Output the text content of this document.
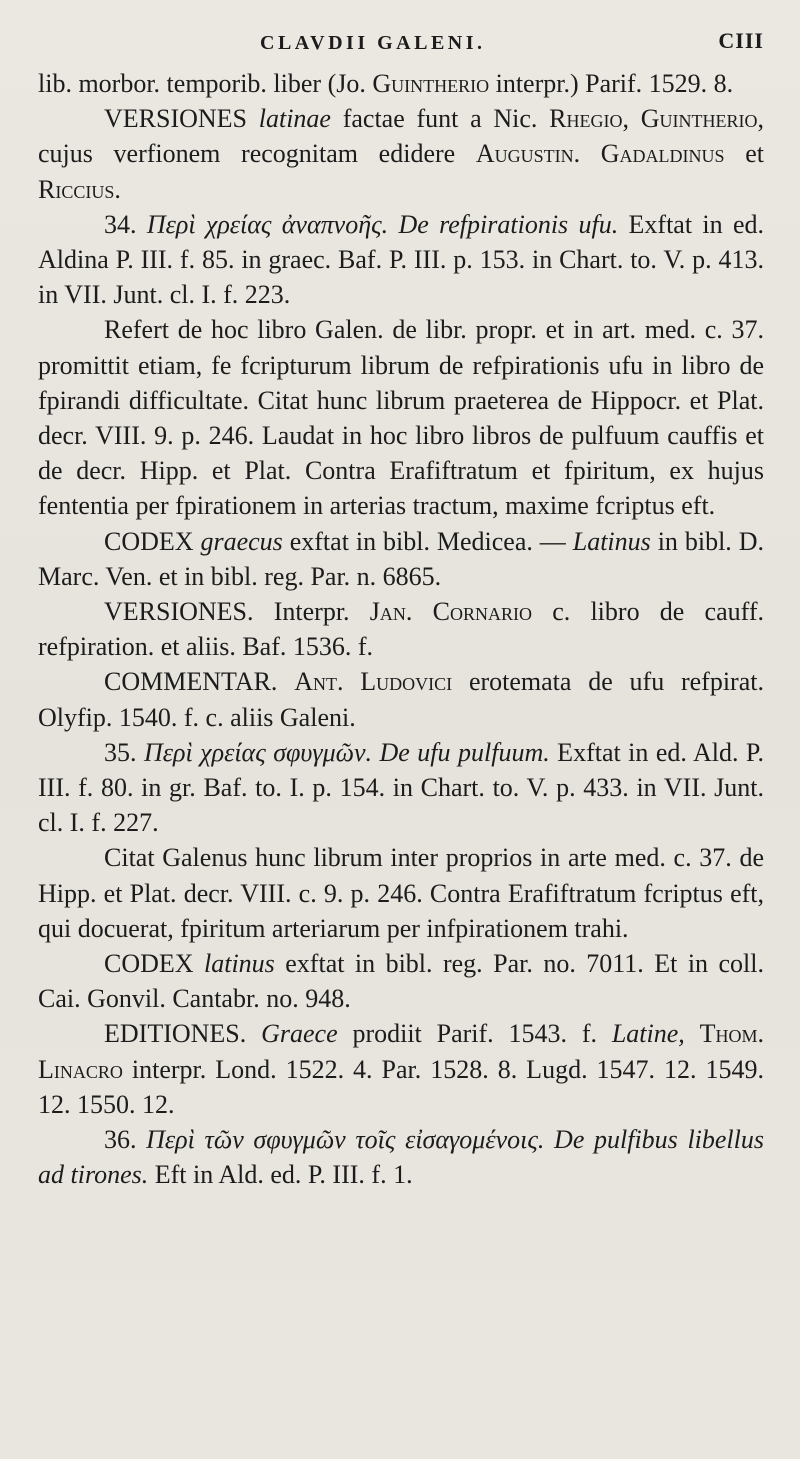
CLAVDII GALENI.	CIII

lib. morbor. temporib. liber (Jo. Guintherio interpr.) Parif. 1529. 8.

VERSIONES latinae factae funt a Nic. Rhegio, Guintherio, cujus verfionem recognitam edidere Augustin. Gadaldinus et Riccius.

34. Περὶ χρείας ἀναπνοῆς. De refpirationis ufu. Exftat in ed. Aldina P. III. f. 85. in graec. Baf. P. III. p. 153. in Chart. to. V. p. 413. in VII. Junt. cl. I. f. 223.

Refert de hoc libro Galen. de libr. propr. et in art. med. c. 37. promittit etiam, fe fcripturum librum de refpirationis ufu in libro de fpirandi difficultate. Citat hunc librum praeterea de Hippocr. et Plat. decr. VIII. 9. p. 246. Laudat in hoc libro libros de pulfuum cauffis et de decr. Hipp. et Plat. Contra Erafiftratum et fpiritum, ex hujus fententia per fpirationem in arterias tractum, maxime fcriptus eft.

CODEX graecus exftat in bibl. Medicea. — Latinus in bibl. D. Marc. Ven. et in bibl. reg. Par. n. 6865.

VERSIONES. Interpr. Jan. Cornario c. libro de cauff. refpiration. et aliis. Baf. 1536. f.

COMMENTAR. Ant. Ludovici erotemata de ufu refpirat. Olyfip. 1540. f. c. aliis Galeni.

35. Περὶ χρείας σφυγμῶν. De ufu pulfuum. Exftat in ed. Ald. P. III. f. 80. in gr. Baf. to. I. p. 154. in Chart. to. V. p. 433. in VII. Junt. cl. I. f. 227.

Citat Galenus hunc librum inter proprios in arte med. c. 37. de Hipp. et Plat. decr. VIII. c. 9. p. 246. Contra Erafiftratum fcriptus eft, qui docuerat, fpiritum arteriarum per infpirationem trahi.

CODEX latinus exftat in bibl. reg. Par. no. 7011. Et in coll. Cai. Gonvil. Cantabr. no. 948.

EDITIONES. Graece prodiit Parif. 1543. f. Latine, Thom. Linacro interpr. Lond. 1522. 4. Par. 1528. 8. Lugd. 1547. 12. 1549. 12. 1550. 12.

36. Περὶ τῶν σφυγμῶν τοῖς εἰσαγομένοις. De pulfibus libellus ad tirones. Eft in Ald. ed. P. III. f. 1.
